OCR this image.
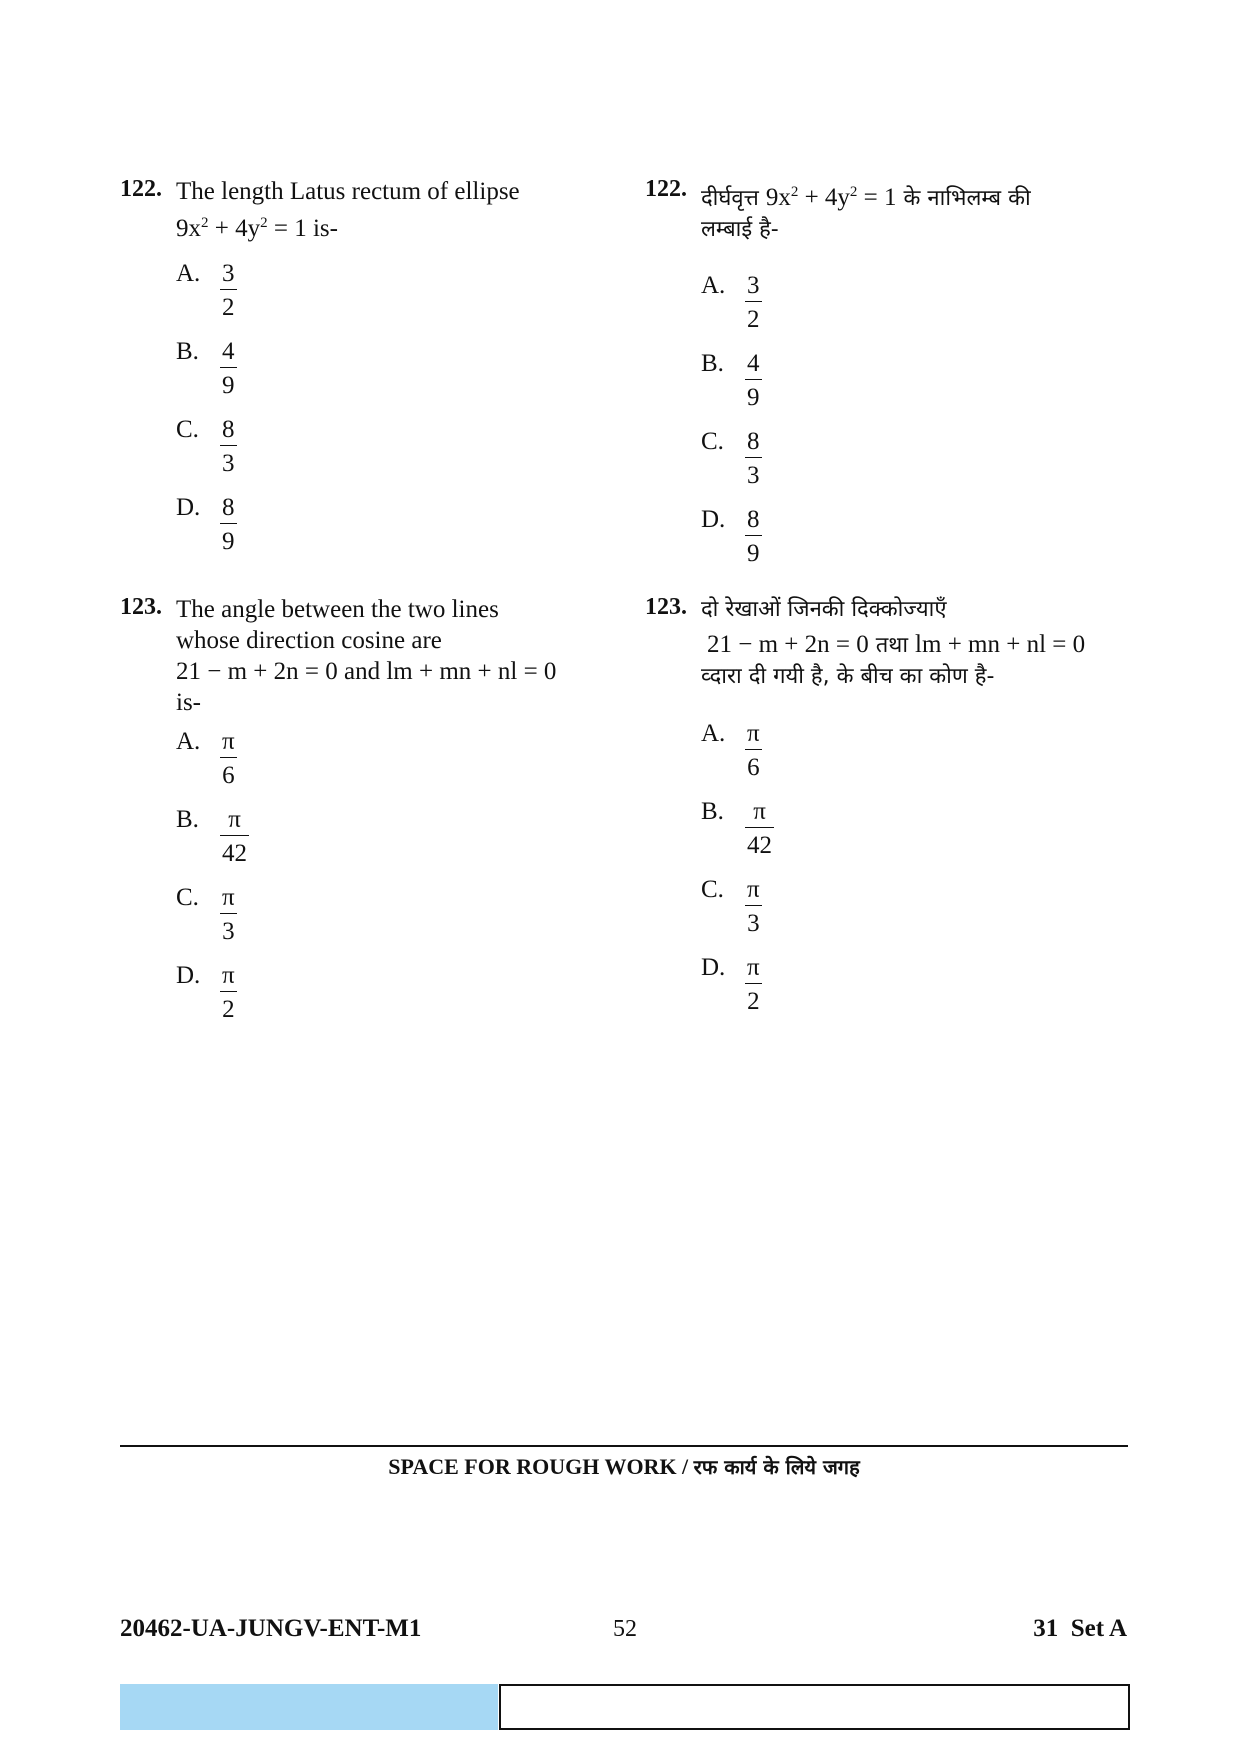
122. The length Latus rectum of ellipse
$9x^2 + 4y^2 = 1$ is-
A. $\frac{3}{2}$
B. $\frac{4}{9}$
C. $\frac{8}{3}$
D. $\frac{8}{9}$
123. The angle between the two lines
whose direction cosine are
21 − m + 2n = 0 and lm + mn + nl = 0
is-
A. $\frac{\pi}{6}$
B. $\frac{\pi}{42}$
C. $\frac{\pi}{3}$
D. $\frac{\pi}{2}$
122. दीर्घवृत्त $9x^2 + 4y^2 = 1$ के नाभिलम्ब की
लम्बाई है-
A. $\frac{3}{2}$
B. $\frac{4}{9}$
C. $\frac{8}{3}$
D. $\frac{8}{9}$
123. दो रेखाओं जिनकी दिक्कोज्याएँ
21 − m + 2n = 0 तथा lm + mn + nl = 0
व्दारा दी गयी है, के बीच का कोण है-
A. $\frac{\pi}{6}$
B. $\frac{\pi}{42}$
C. $\frac{\pi}{3}$
D. $\frac{\pi}{2}$
SPACE FOR ROUGH WORK / रफ कार्य के लिये जगह
20462-UA-JUNGV-ENT-M1	52	31 Set A
